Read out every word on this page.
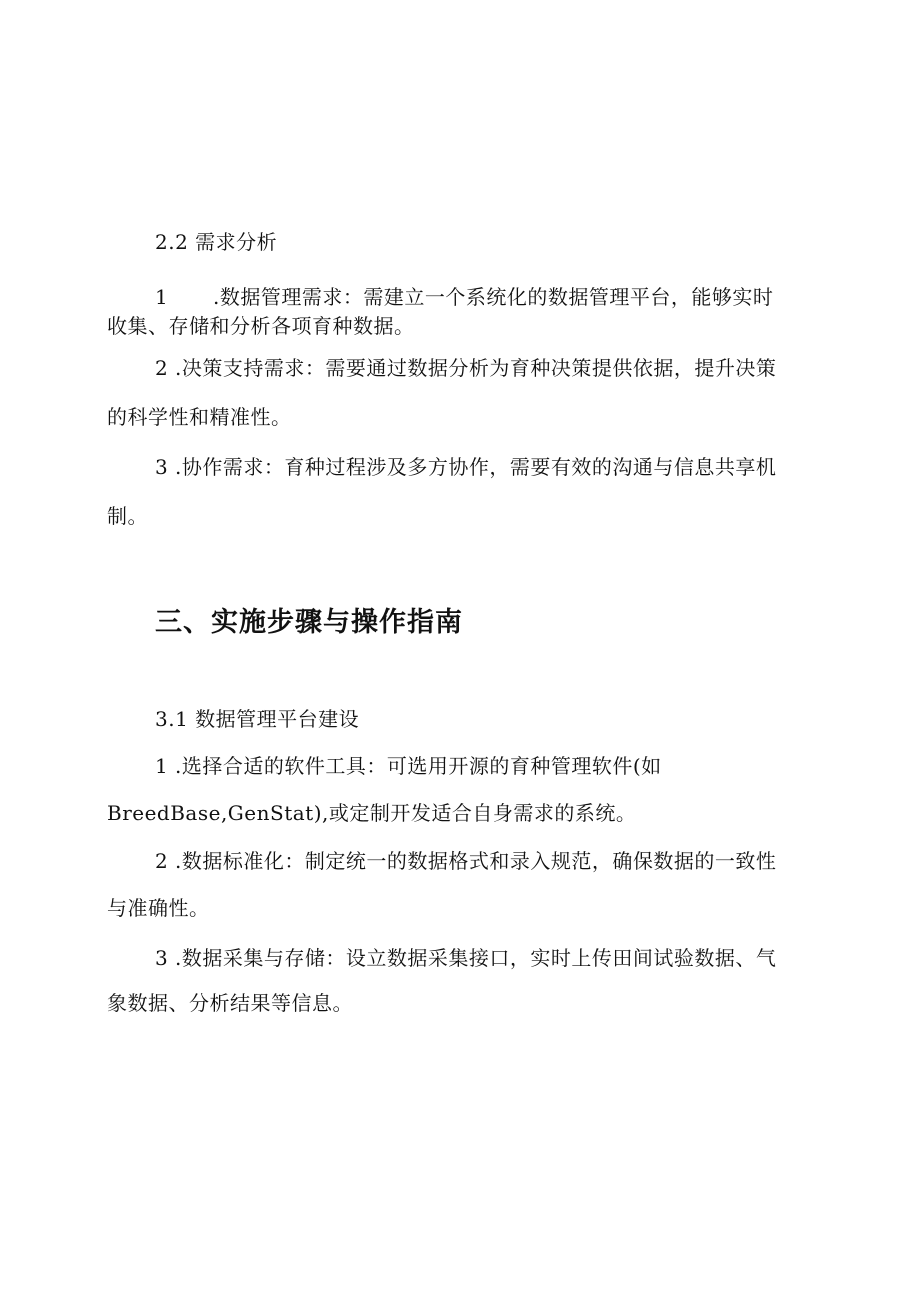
2.2 需求分析
1 .数据管理需求：需建立一个系统化的数据管理平台，能够实时
收集、存储和分析各项育种数据。
2 .决策支持需求：需要通过数据分析为育种决策提供依据，提升决策
的科学性和精准性。
3 .协作需求：育种过程涉及多方协作，需要有效的沟通与信息共享机
制。
三、实施步骤与操作指南
3.1 数据管理平台建设
1 .选择合适的软件工具：可选用开源的育种管理软件(如
BreedBase,GenStat),或定制开发适合自身需求的系统。
2 .数据标准化：制定统一的数据格式和录入规范，确保数据的一致性
与准确性。
3 .数据采集与存储：设立数据采集接口，实时上传田间试验数据、气
象数据、分析结果等信息。
